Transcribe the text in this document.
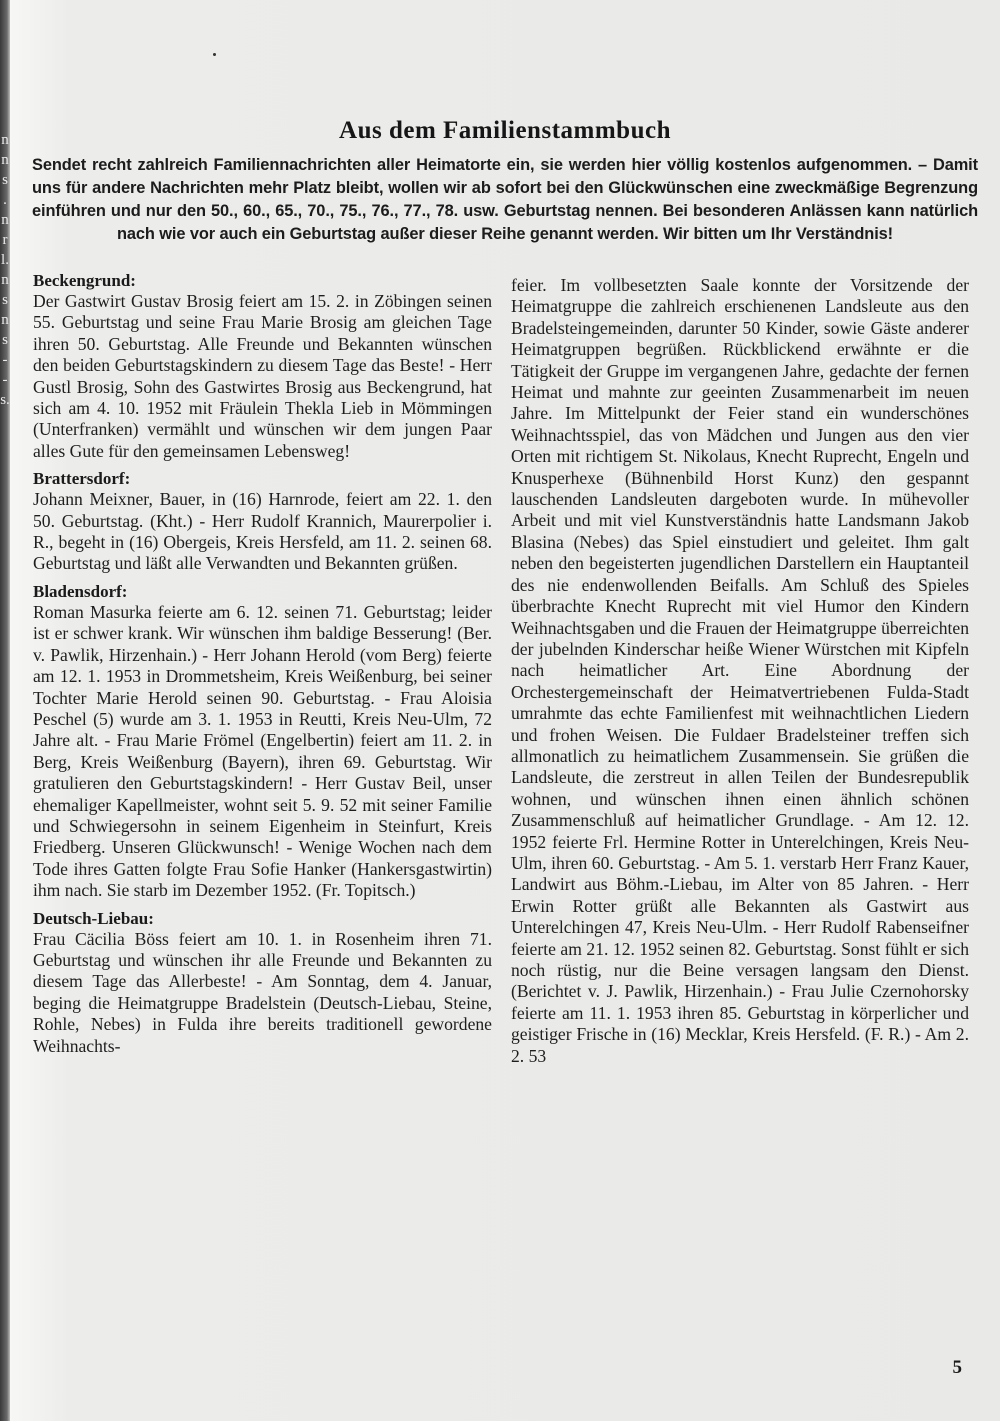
n n s . n r l. n s n s - - s.
Aus dem Familienstammbuch

Sendet recht zahlreich Familiennachrichten aller Heimatorte ein, sie werden hier völlig kostenlos aufgenommen. – Damit uns für andere Nachrichten mehr Platz bleibt, wollen wir ab sofort bei den Glückwünschen eine zweckmäßige Begrenzung einführen und nur den 50., 60., 65., 70., 75., 76., 77., 78. usw. Geburtstag nennen. Bei besonderen Anlässen kann natürlich nach wie vor auch ein Geburtstag außer dieser Reihe genannt werden. Wir bitten um Ihr Verständnis!

Beckengrund:

Der Gastwirt Gustav Brosig feiert am 15. 2. in Zöbingen seinen 55. Geburtstag und seine Frau Marie Brosig am gleichen Tage ihren 50. Geburtstag. Alle Freunde und Bekannten wünschen den beiden Geburtstagskindern zu diesem Tage das Beste! - Herr Gustl Brosig, Sohn des Gastwirtes Brosig aus Beckengrund, hat sich am 4. 10. 1952 mit Fräulein Thekla Lieb in Mömmingen (Unterfranken) vermählt und wünschen wir dem jungen Paar alles Gute für den gemeinsamen Lebensweg!

Brattersdorf:

Johann Meixner, Bauer, in (16) Harnrode, feiert am 22. 1. den 50. Geburtstag. (Kht.) - Herr Rudolf Krannich, Maurerpolier i. R., begeht in (16) Obergeis, Kreis Hersfeld, am 11. 2. seinen 68. Geburtstag und läßt alle Verwandten und Bekannten grüßen.

Bladensdorf:

Roman Masurka feierte am 6. 12. seinen 71. Geburtstag; leider ist er schwer krank. Wir wünschen ihm baldige Besserung! (Ber. v. Pawlik, Hirzenhain.) - Herr Johann Herold (vom Berg) feierte am 12. 1. 1953 in Drommetsheim, Kreis Weißenburg, bei seiner Tochter Marie Herold seinen 90. Geburtstag. - Frau Aloisia Peschel (5) wurde am 3. 1. 1953 in Reutti, Kreis Neu-Ulm, 72 Jahre alt. - Frau Marie Frömel (Engelbertin) feiert am 11. 2. in Berg, Kreis Weißenburg (Bayern), ihren 69. Geburtstag. Wir gratulieren den Geburtstagskindern! - Herr Gustav Beil, unser ehemaliger Kapellmeister, wohnt seit 5. 9. 52 mit seiner Familie und Schwiegersohn in seinem Eigenheim in Steinfurt, Kreis Friedberg. Unseren Glückwunsch! - Wenige Wochen nach dem Tode ihres Gatten folgte Frau Sofie Hanker (Hankersgastwirtin) ihm nach. Sie starb im Dezember 1952. (Fr. Topitsch.)

Deutsch-Liebau:

Frau Cäcilia Böss feiert am 10. 1. in Rosenheim ihren 71. Geburtstag und wünschen ihr alle Freunde und Bekannten zu diesem Tage das Allerbeste! - Am Sonntag, dem 4. Januar, beging die Heimatgruppe Bradelstein (Deutsch-Liebau, Steine, Rohle, Nebes) in Fulda ihre bereits traditionell gewordene Weihnachts-

feier. Im vollbesetzten Saale konnte der Vorsitzende der Heimatgruppe die zahlreich erschienenen Landsleute aus den Bradelsteingemeinden, darunter 50 Kinder, sowie Gäste anderer Heimatgruppen begrüßen. Rückblickend erwähnte er die Tätigkeit der Gruppe im vergangenen Jahre, gedachte der fernen Heimat und mahnte zur geeinten Zusammenarbeit im neuen Jahre. Im Mittelpunkt der Feier stand ein wunderschönes Weihnachtsspiel, das von Mädchen und Jungen aus den vier Orten mit richtigem St. Nikolaus, Knecht Ruprecht, Engeln und Knusperhexe (Bühnenbild Horst Kunz) den gespannt lauschenden Landsleuten dargeboten wurde. In mühevoller Arbeit und mit viel Kunstverständnis hatte Landsmann Jakob Blasina (Nebes) das Spiel einstudiert und geleitet. Ihm galt neben den begeisterten jugendlichen Darstellern ein Hauptanteil des nie endenwollenden Beifalls. Am Schluß des Spieles überbrachte Knecht Ruprecht mit viel Humor den Kindern Weihnachtsgaben und die Frauen der Heimatgruppe überreichten der jubelnden Kinderschar heiße Wiener Würstchen mit Kipfeln nach heimatlicher Art. Eine Abordnung der Orchestergemeinschaft der Heimatvertriebenen Fulda-Stadt umrahmte das echte Familienfest mit weihnachtlichen Liedern und frohen Weisen. Die Fuldaer Bradelsteiner treffen sich allmonatlich zu heimatlichem Zusammensein. Sie grüßen die Landsleute, die zerstreut in allen Teilen der Bundesrepublik wohnen, und wünschen ihnen einen ähnlich schönen Zusammenschluß auf heimatlicher Grundlage. - Am 12. 12. 1952 feierte Frl. Hermine Rotter in Unterelchingen, Kreis Neu-Ulm, ihren 60. Geburtstag. - Am 5. 1. verstarb Herr Franz Kauer, Landwirt aus Böhm.-Liebau, im Alter von 85 Jahren. - Herr Erwin Rotter grüßt alle Bekannten als Gastwirt aus Unterelchingen 47, Kreis Neu-Ulm. - Herr Rudolf Rabenseifner feierte am 21. 12. 1952 seinen 82. Geburtstag. Sonst fühlt er sich noch rüstig, nur die Beine versagen langsam den Dienst. (Berichtet v. J. Pawlik, Hirzenhain.) - Frau Julie Czernohorsky feierte am 11. 1. 1953 ihren 85. Geburtstag in körperlicher und geistiger Frische in (16) Mecklar, Kreis Hersfeld. (F. R.) - Am 2. 2. 53

5
